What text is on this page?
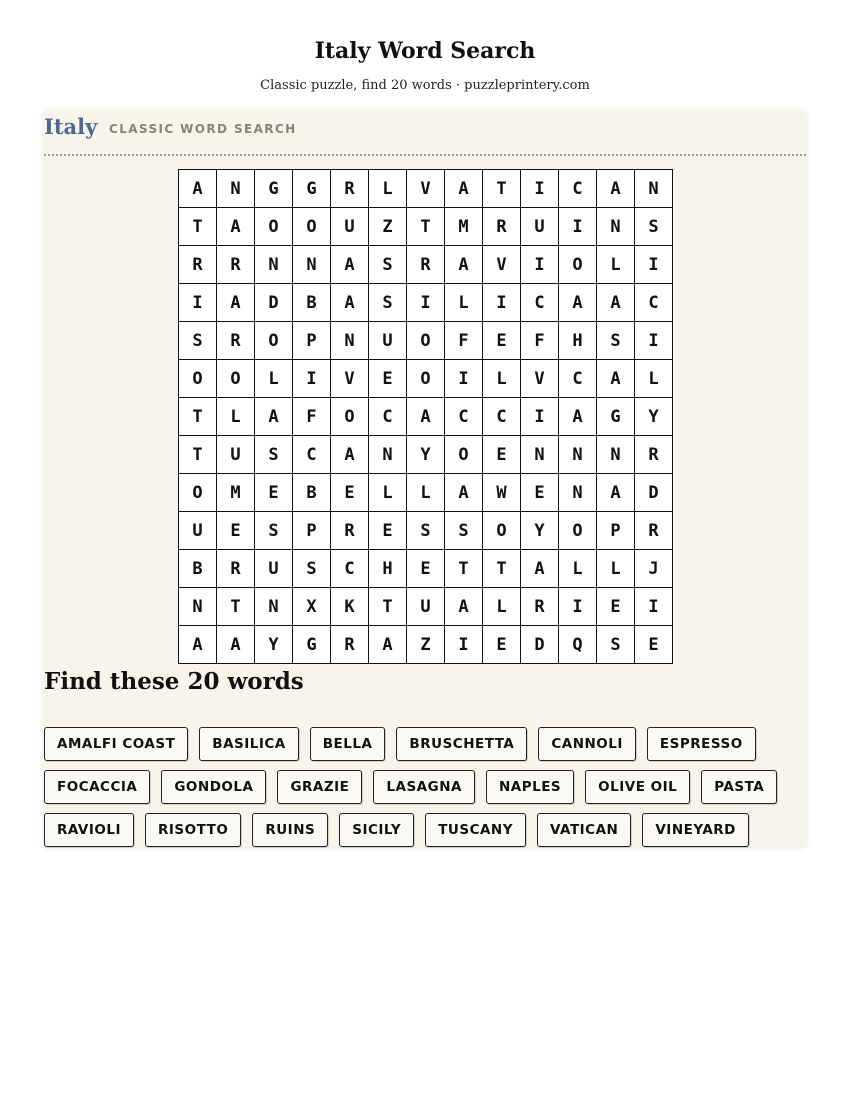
Italy Word Search
Classic puzzle, find 20 words · puzzleprintery.com
Italy CLASSIC WORD SEARCH
A	N	G	G	R	L	V	A	T	I	C	A	N
T	A	O	O	U	Z	T	M	R	U	I	N	S
R	R	N	N	A	S	R	A	V	I	O	L	I
I	A	D	B	A	S	I	L	I	C	A	A	C
S	R	O	P	N	U	O	F	E	F	H	S	I
O	O	L	I	V	E	O	I	L	V	C	A	L
T	L	A	F	O	C	A	C	C	I	A	G	Y
T	U	S	C	A	N	Y	O	E	N	N	N	R
O	M	E	B	E	L	L	A	W	E	N	A	D
U	E	S	P	R	E	S	S	O	Y	O	P	R
B	R	U	S	C	H	E	T	T	A	L	L	J
N	T	N	X	K	T	U	A	L	R	I	E	I
A	A	Y	G	R	A	Z	I	E	D	Q	S	E
Find these 20 words
AMALFI COAST	BASILICA	BELLA	BRUSCHETTA	CANNOLI	ESPRESSO
FOCACCIA	GONDOLA	GRAZIE	LASAGNA	NAPLES	OLIVE OIL	PASTA
RAVIOLI	RISOTTO	RUINS	SICILY	TUSCANY	VATICAN	VINEYARD
